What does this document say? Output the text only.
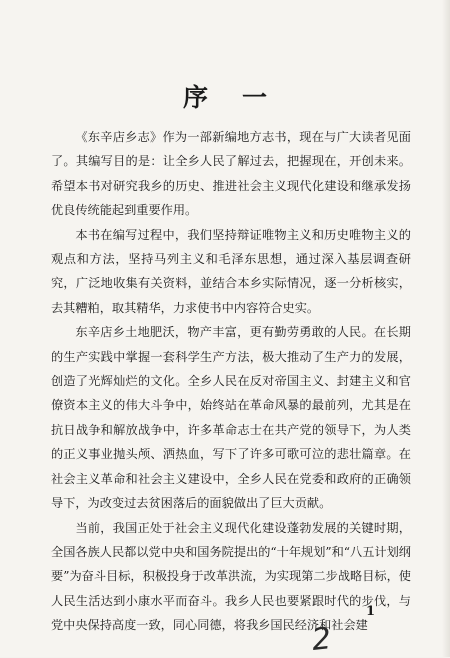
序一

《东辛店乡志》作为一部新编地方志书，现在与广大读者见面了。其编写目的是：让全乡人民了解过去，把握现在，开创未来。希望本书对研究我乡的历史、推进社会主义现代化建设和继承发扬优良传统能起到重要作用。

本书在编写过程中，我们坚持辩证唯物主义和历史唯物主义的观点和方法，坚持马列主义和毛泽东思想，通过深入基层调查研究，广泛地收集有关资料，並结合本乡实际情况，逐一分析核实，去其糟粕，取其精华，力求使书中内容符合史实。

东辛店乡土地肥沃，物产丰富，更有勤劳勇敢的人民。在长期的生产实践中掌握一套科学生产方法，极大推动了生产力的发展，创造了光辉灿烂的文化。全乡人民在反对帝国主义、封建主义和官僚资本主义的伟大斗争中，始终站在革命风暴的最前列，尤其是在抗日战争和解放战争中，许多革命志士在共产党的领导下，为人类的正义事业抛头颅、洒热血，写下了许多可歌可泣的悲壮篇章。在社会主义革命和社会主义建设中，全乡人民在党委和政府的正确领导下，为改变过去贫困落后的面貌做出了巨大贡献。

当前，我国正处于社会主义现代化建设蓬勃发展的关键时期，全国各族人民都以党中央和国务院提出的“十年规划”和“八五计划纲要”为奋斗目标，积极投身于改革洪流，为实现第二步战略目标，使人民生活达到小康水平而奋斗。我乡人民也要紧跟时代的步伐，与党中央保持高度一致，同心同德，将我乡国民经济和社会建

1
2
